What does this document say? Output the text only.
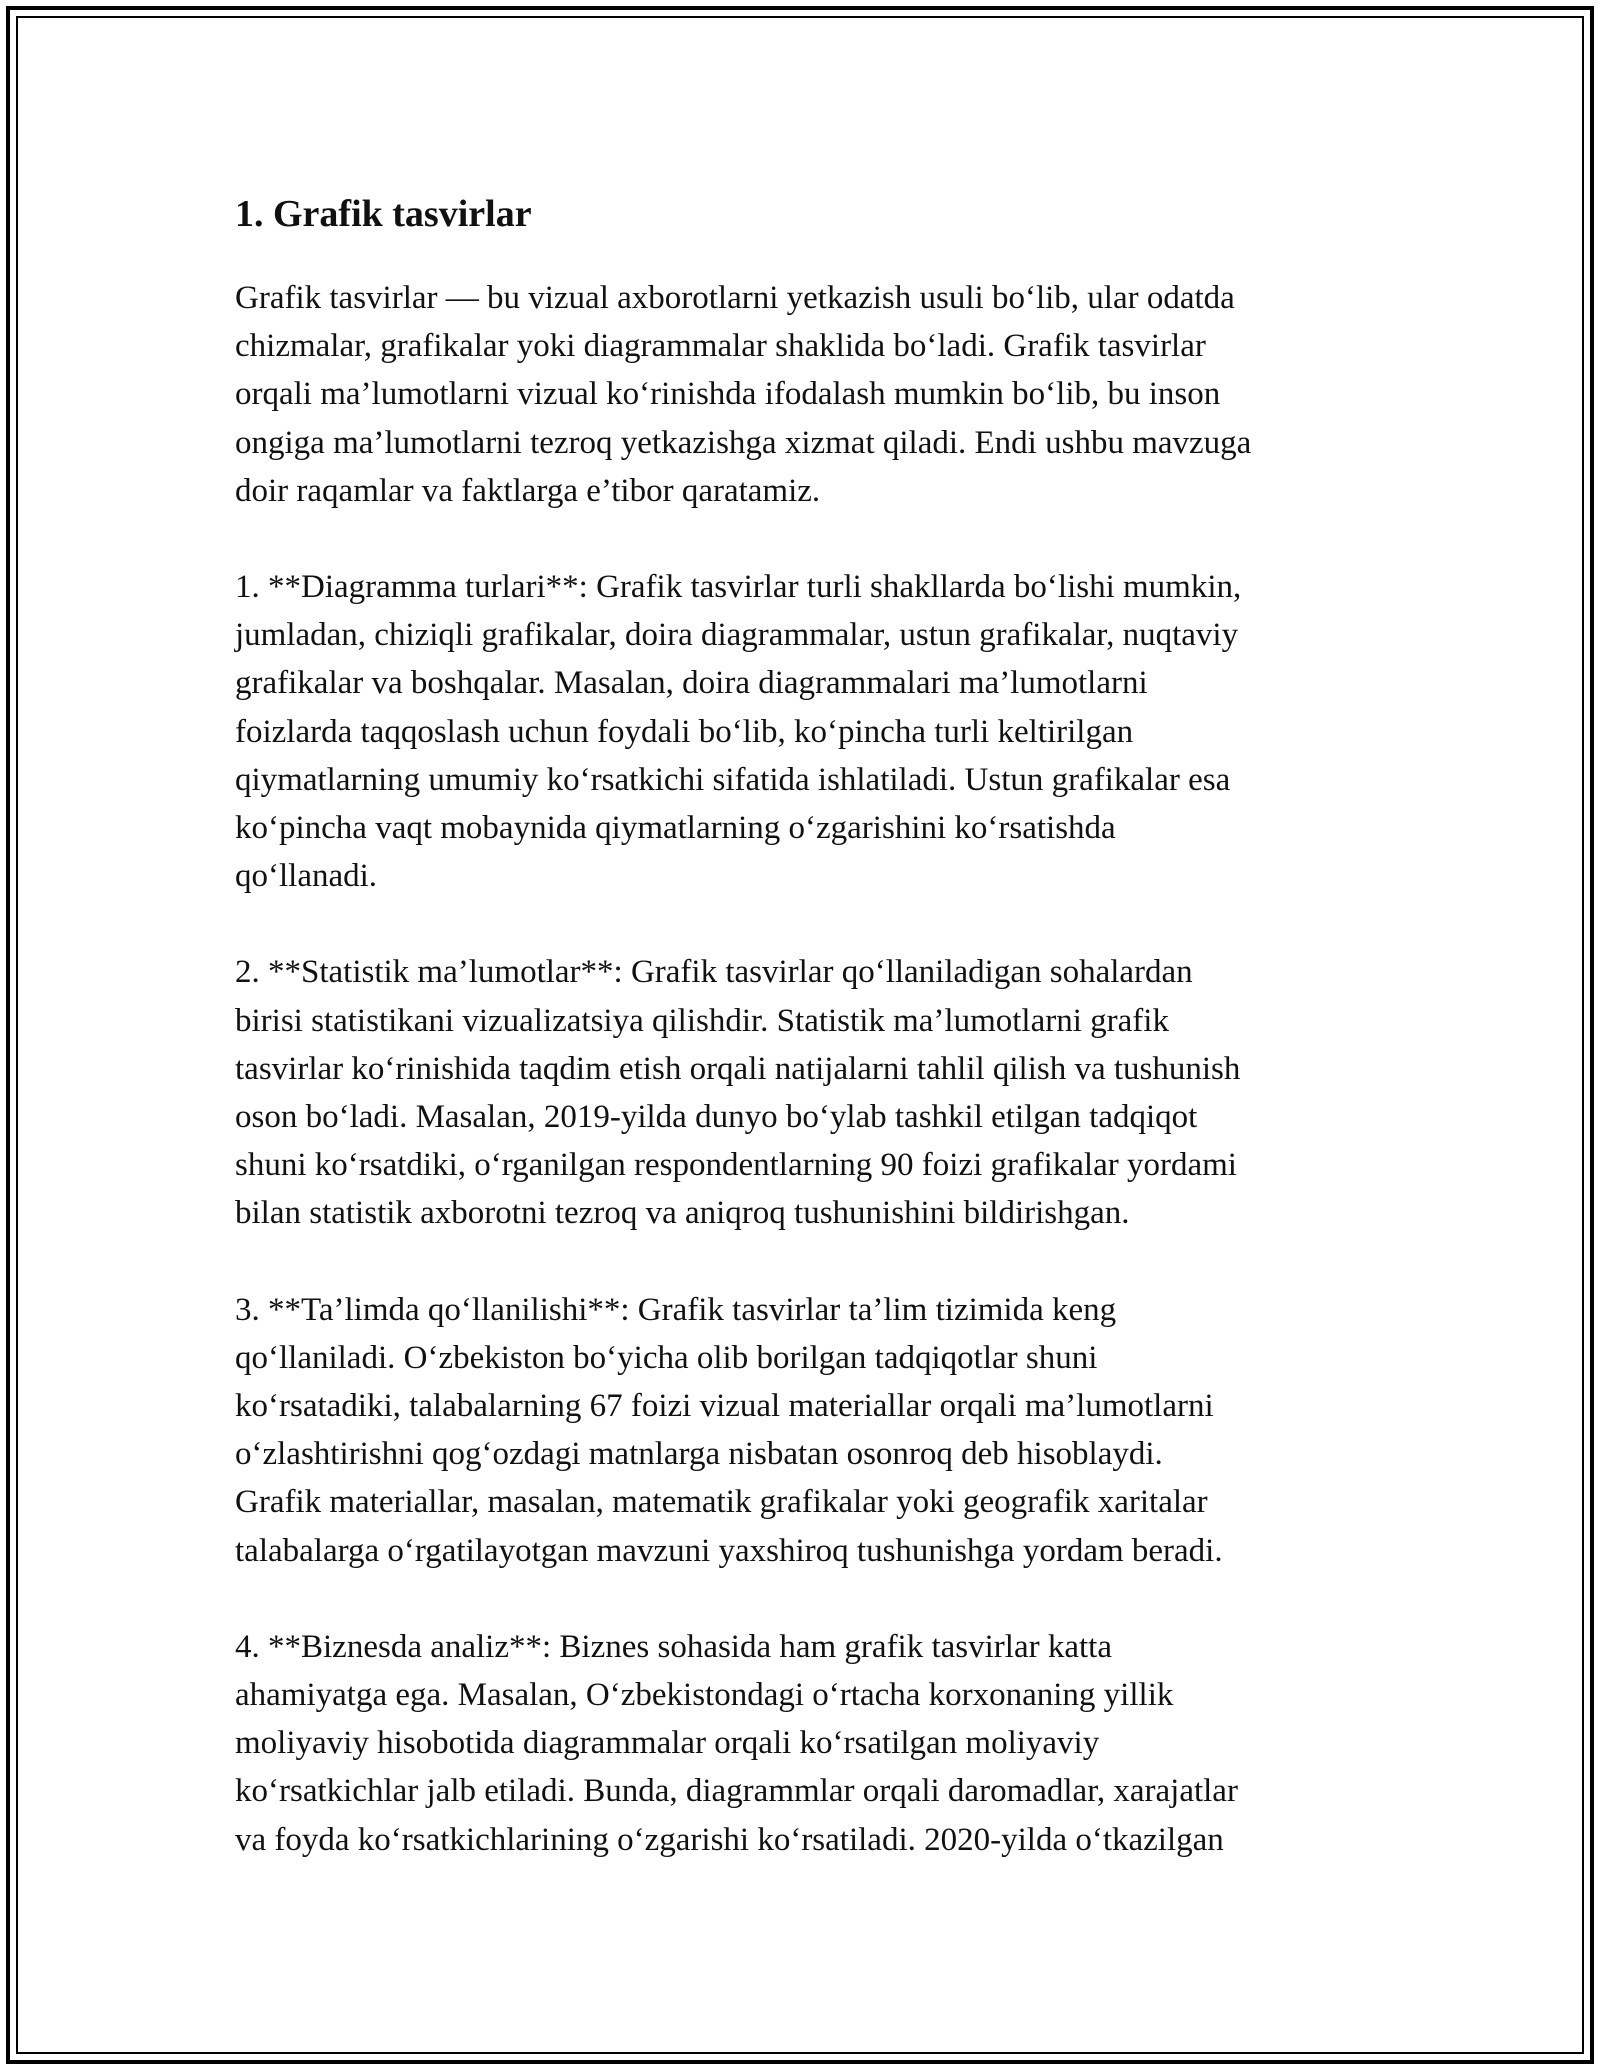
1. Grafik tasvirlar

Grafik tasvirlar — bu vizual axborotlarni yetkazish usuli bo‘lib, ular odatda
chizmalar, grafikalar yoki diagrammalar shaklida bo‘ladi. Grafik tasvirlar
orqali ma’lumotlarni vizual ko‘rinishda ifodalash mumkin bo‘lib, bu inson
ongiga ma’lumotlarni tezroq yetkazishga xizmat qiladi. Endi ushbu mavzuga
doir raqamlar va faktlarga e’tibor qaratamiz.

1. **Diagramma turlari**: Grafik tasvirlar turli shakllarda bo‘lishi mumkin,
jumladan, chiziqli grafikalar, doira diagrammalar, ustun grafikalar, nuqtaviy
grafikalar va boshqalar. Masalan, doira diagrammalari ma’lumotlarni
foizlarda taqqoslash uchun foydali bo‘lib, ko‘pincha turli keltirilgan
qiymatlarning umumiy ko‘rsatkichi sifatida ishlatiladi. Ustun grafikalar esa
ko‘pincha vaqt mobaynida qiymatlarning o‘zgarishini ko‘rsatishda
qo‘llanadi.

2. **Statistik ma’lumotlar**: Grafik tasvirlar qo‘llaniladigan sohalardan
birisi statistikani vizualizatsiya qilishdir. Statistik ma’lumotlarni grafik
tasvirlar ko‘rinishida taqdim etish orqali natijalarni tahlil qilish va tushunish
oson bo‘ladi. Masalan, 2019-yilda dunyo bo‘ylab tashkil etilgan tadqiqot
shuni ko‘rsatdiki, o‘rganilgan respondentlarning 90 foizi grafikalar yordami
bilan statistik axborotni tezroq va aniqroq tushunishini bildirishgan.

3. **Ta’limda qo‘llanilishi**: Grafik tasvirlar ta’lim tizimida keng
qo‘llaniladi. O‘zbekiston bo‘yicha olib borilgan tadqiqotlar shuni
ko‘rsatadiki, talabalarning 67 foizi vizual materiallar orqali ma’lumotlarni
o‘zlashtirishni qog‘ozdagi matnlarga nisbatan osonroq deb hisoblaydi.
Grafik materiallar, masalan, matematik grafikalar yoki geografik xaritalar
talabalarga o‘rgatilayotgan mavzuni yaxshiroq tushunishga yordam beradi.

4. **Biznesda analiz**: Biznes sohasida ham grafik tasvirlar katta
ahamiyatga ega. Masalan, O‘zbekistondagi o‘rtacha korxonaning yillik
moliyaviy hisobotida diagrammalar orqali ko‘rsatilgan moliyaviy
ko‘rsatkichlar jalb etiladi. Bunda, diagrammlar orqali daromadlar, xarajatlar
va foyda ko‘rsatkichlarining o‘zgarishi ko‘rsatiladi. 2020-yilda o‘tkazilgan
